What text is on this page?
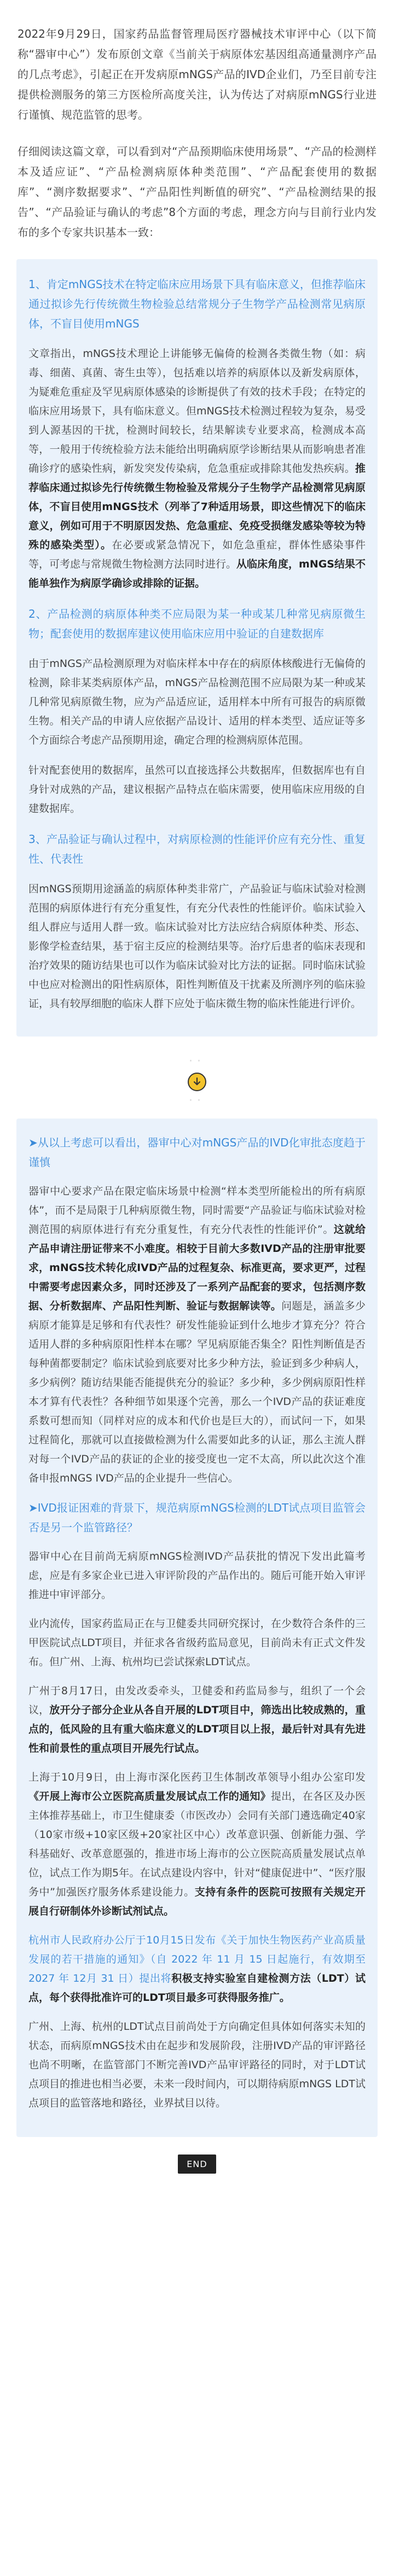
2022年9月29日，国家药品监督管理局医疗器械技术审评中心（以下简称“器审中心”）发布原创文章《当前关于病原体宏基因组高通量测序产品的几点考虑》，引起正在开发病原mNGS产品的IVD企业们，乃至目前专注提供检测服务的第三方医检所高度关注，认为传达了对病原mNGS行业进行谨慎、规范监管的思考。

仔细阅读这篇文章，可以看到对“产品预期临床使用场景”、“产品的检测样本及适应证”、“产品检测病原体种类范围”、“产品配套使用的数据库”、“测序数据要求”、“产品阳性判断值的研究”、“产品检测结果的报告”、“产品验证与确认的考虑”8个方面的考虑，理念方向与目前行业内发布的多个专家共识基本一致：

1、肯定mNGS技术在特定临床应用场景下具有临床意义，但推荐临床通过拟诊先行传统微生物检验总结常规分子生物学产品检测常见病原体，不盲目使用mNGS

文章指出，mNGS技术理论上讲能够无偏倚的检测各类微生物（如：病毒、细菌、真菌、寄生虫等），包括难以培养的病原体以及新发病原体，为疑难危重症及罕见病原体感染的诊断提供了有效的技术手段；在特定的临床应用场景下，具有临床意义。但mNGS技术检测过程较为复杂，易受到人源基因的干扰，检测时间较长，结果解读专业要求高，检测成本高等，一般用于传统检验方法未能给出明确病原学诊断结果从而影响患者准确诊疗的感染性病，新发突发传染病，危急重症或排除其他发热疾病。推荐临床通过拟诊先行传统微生物检验及常规分子生物学产品检测常见病原体，不盲目使用mNGS技术（列举了7种适用场景，即这些情况下的临床意义，例如可用于不明原因发热、危急重症、免疫受损继发感染等较为特殊的感染类型）。在必要或紧急情况下，如危急重症，群体性感染事件等，可考虑与常规微生物检测方法同时进行。从临床角度，mNGS结果不能单独作为病原学确诊或排除的证据。

2、产品检测的病原体种类不应局限为某一种或某几种常见病原微生物；配套使用的数据库建议使用临床应用中验证的自建数据库

由于mNGS产品检测原理为对临床样本中存在的病原体核酸进行无偏倚的检测，除非某类病原体产品，mNGS产品检测范围不应局限为某一种或某几种常见病原微生物，应为产品适应证，适用样本中所有可报告的病原微生物。相关产品的申请人应依据产品设计、适用的样本类型、适应证等多个方面综合考虑产品预期用途，确定合理的检测病原体范围。

针对配套使用的数据库，虽然可以直接选择公共数据库，但数据库也有自身针对成熟的产品，建议根据产品特点在临床需要，使用临床应用级的自建数据库。

3、产品验证与确认过程中，对病原检测的性能评价应有充分性、重复性、代表性

因mNGS预期用途涵盖的病原体种类非常广，产品验证与临床试验对检测范围的病原体进行有充分重复性，有充分代表性的性能评价。临床试验入组人群应与适用人群一致。临床试验对比方法应结合病原体种类、形态、影像学检查结果，基于宿主反应的检测结果等。治疗后患者的临床表现和治疗效果的随访结果也可以作为临床试验对比方法的证据。同时临床试验中也应对检测出的阳性病原体，阳性判断值及干扰素及所测序列的临床验证，具有较厚细胞的临床人群下应处于临床微生物的临床性能进行评价。

··
··

➤从以上考虑可以看出，器审中心对mNGS产品的IVD化审批态度趋于谨慎

器审中心要求产品在限定临床场景中检测“样本类型所能检出的所有病原体”，而不是局限于几种病原微生物，同时需要“产品验证与临床试验对检测范围的病原体进行有充分重复性，有充分代表性的性能评价”。这就给产品申请注册证带来不小难度。相较于目前大多数IVD产品的注册审批要求，mNGS技术转化成IVD产品的过程复杂、标准更高，要求更严，过程中需要考虑因素众多，同时还涉及了一系列产品配套的要求，包括测序数据、分析数据库、产品阳性判断、验证与数据解读等。问题是，涵盖多少病原才能算是足够和有代表性？研发性能验证到什么地步才算充分？符合适用人群的多种病原阳性样本在哪？罕见病原能否集全？阳性判断值是否每种菌都要制定？临床试验到底要对比多少种方法，验证到多少种病人，多少病例？随访结果能否能提供充分的验证？多少种，多少例病原阳性样本才算有代表性？各种细节如果逐个完善，那么一个IVD产品的获证难度系数可想而知（同样对应的成本和代价也是巨大的），而试问一下，如果过程简化，那就可以直接做检测为什么需要如此多的认证，那么主流人群对每一个IVD产品的获证的企业的接受度也一定不太高，所以此次这个准备申报mNGS IVD产品的企业提升一些信心。

➤IVD报证困难的背景下，规范病原mNGS检测的LDT试点项目监管会否是另一个监管路径？

器审中心在目前尚无病原mNGS检测IVD产品获批的情况下发出此篇考虑，应是有多家企业已进入审评阶段的产品作出的。随后可能开始入审评推进中审评部分。

业内流传，国家药监局正在与卫健委共同研究探讨，在少数符合条件的三甲医院试点LDT项目，并征求各省级药监局意见，目前尚未有正式文件发布。但广州、上海、杭州均已尝试探索LDT试点。

广州于8月17日，由发改委牵头，卫健委和药监局参与，组织了一个会议，放开分子部分企业从各自开展的LDT项目中，筛选出比较成熟的，重点的，低风险的且有重大临床意义的LDT项目以上报，最后针对具有先进性和前景性的重点项目开展先行试点。

上海于10月9日，由上海市深化医药卫生体制改革领导小组办公室印发《开展上海市公立医院高质量发展试点工作的通知》提出，在各区及办医主体推荐基础上，市卫生健康委（市医改办）会同有关部门遴选确定40家（10家市级+10家区级+20家社区中心）改革意识强、创新能力强、学科基础好、改革意愿强的，推进市场上海市的公立医院高质量发展试点单位，试点工作为期5年。在试点建设内容中，针对“健康促进中”、“医疗服务中”加强医疗服务体系建设能力。支持有条件的医院可按照有关规定开展自行研制体外诊断试剂试点。

杭州市人民政府办公厅于10月15日发布《关于加快生物医药产业高质量发展的若干措施的通知》（自 2022 年 11 月 15 日起施行，有效期至 2027 年 12月 31 日）提出将积极支持实验室自建检测方法（LDT）试点，每个获得批准许可的LDT项目最多可获得服务推广。

广州、上海、杭州的LDT试点目前尚处于方向确定但具体如何落实未知的状态，而病原mNGS技术由在起步和发展阶段，注册IVD产品的审评路径也尚不明晰，在监管部门不断完善IVD产品审评路径的同时，对于LDT试点项目的推进也相当必要，未来一段时间内，可以期待病原mNGS LDT试点项目的监管落地和路径，业界拭目以待。

END
